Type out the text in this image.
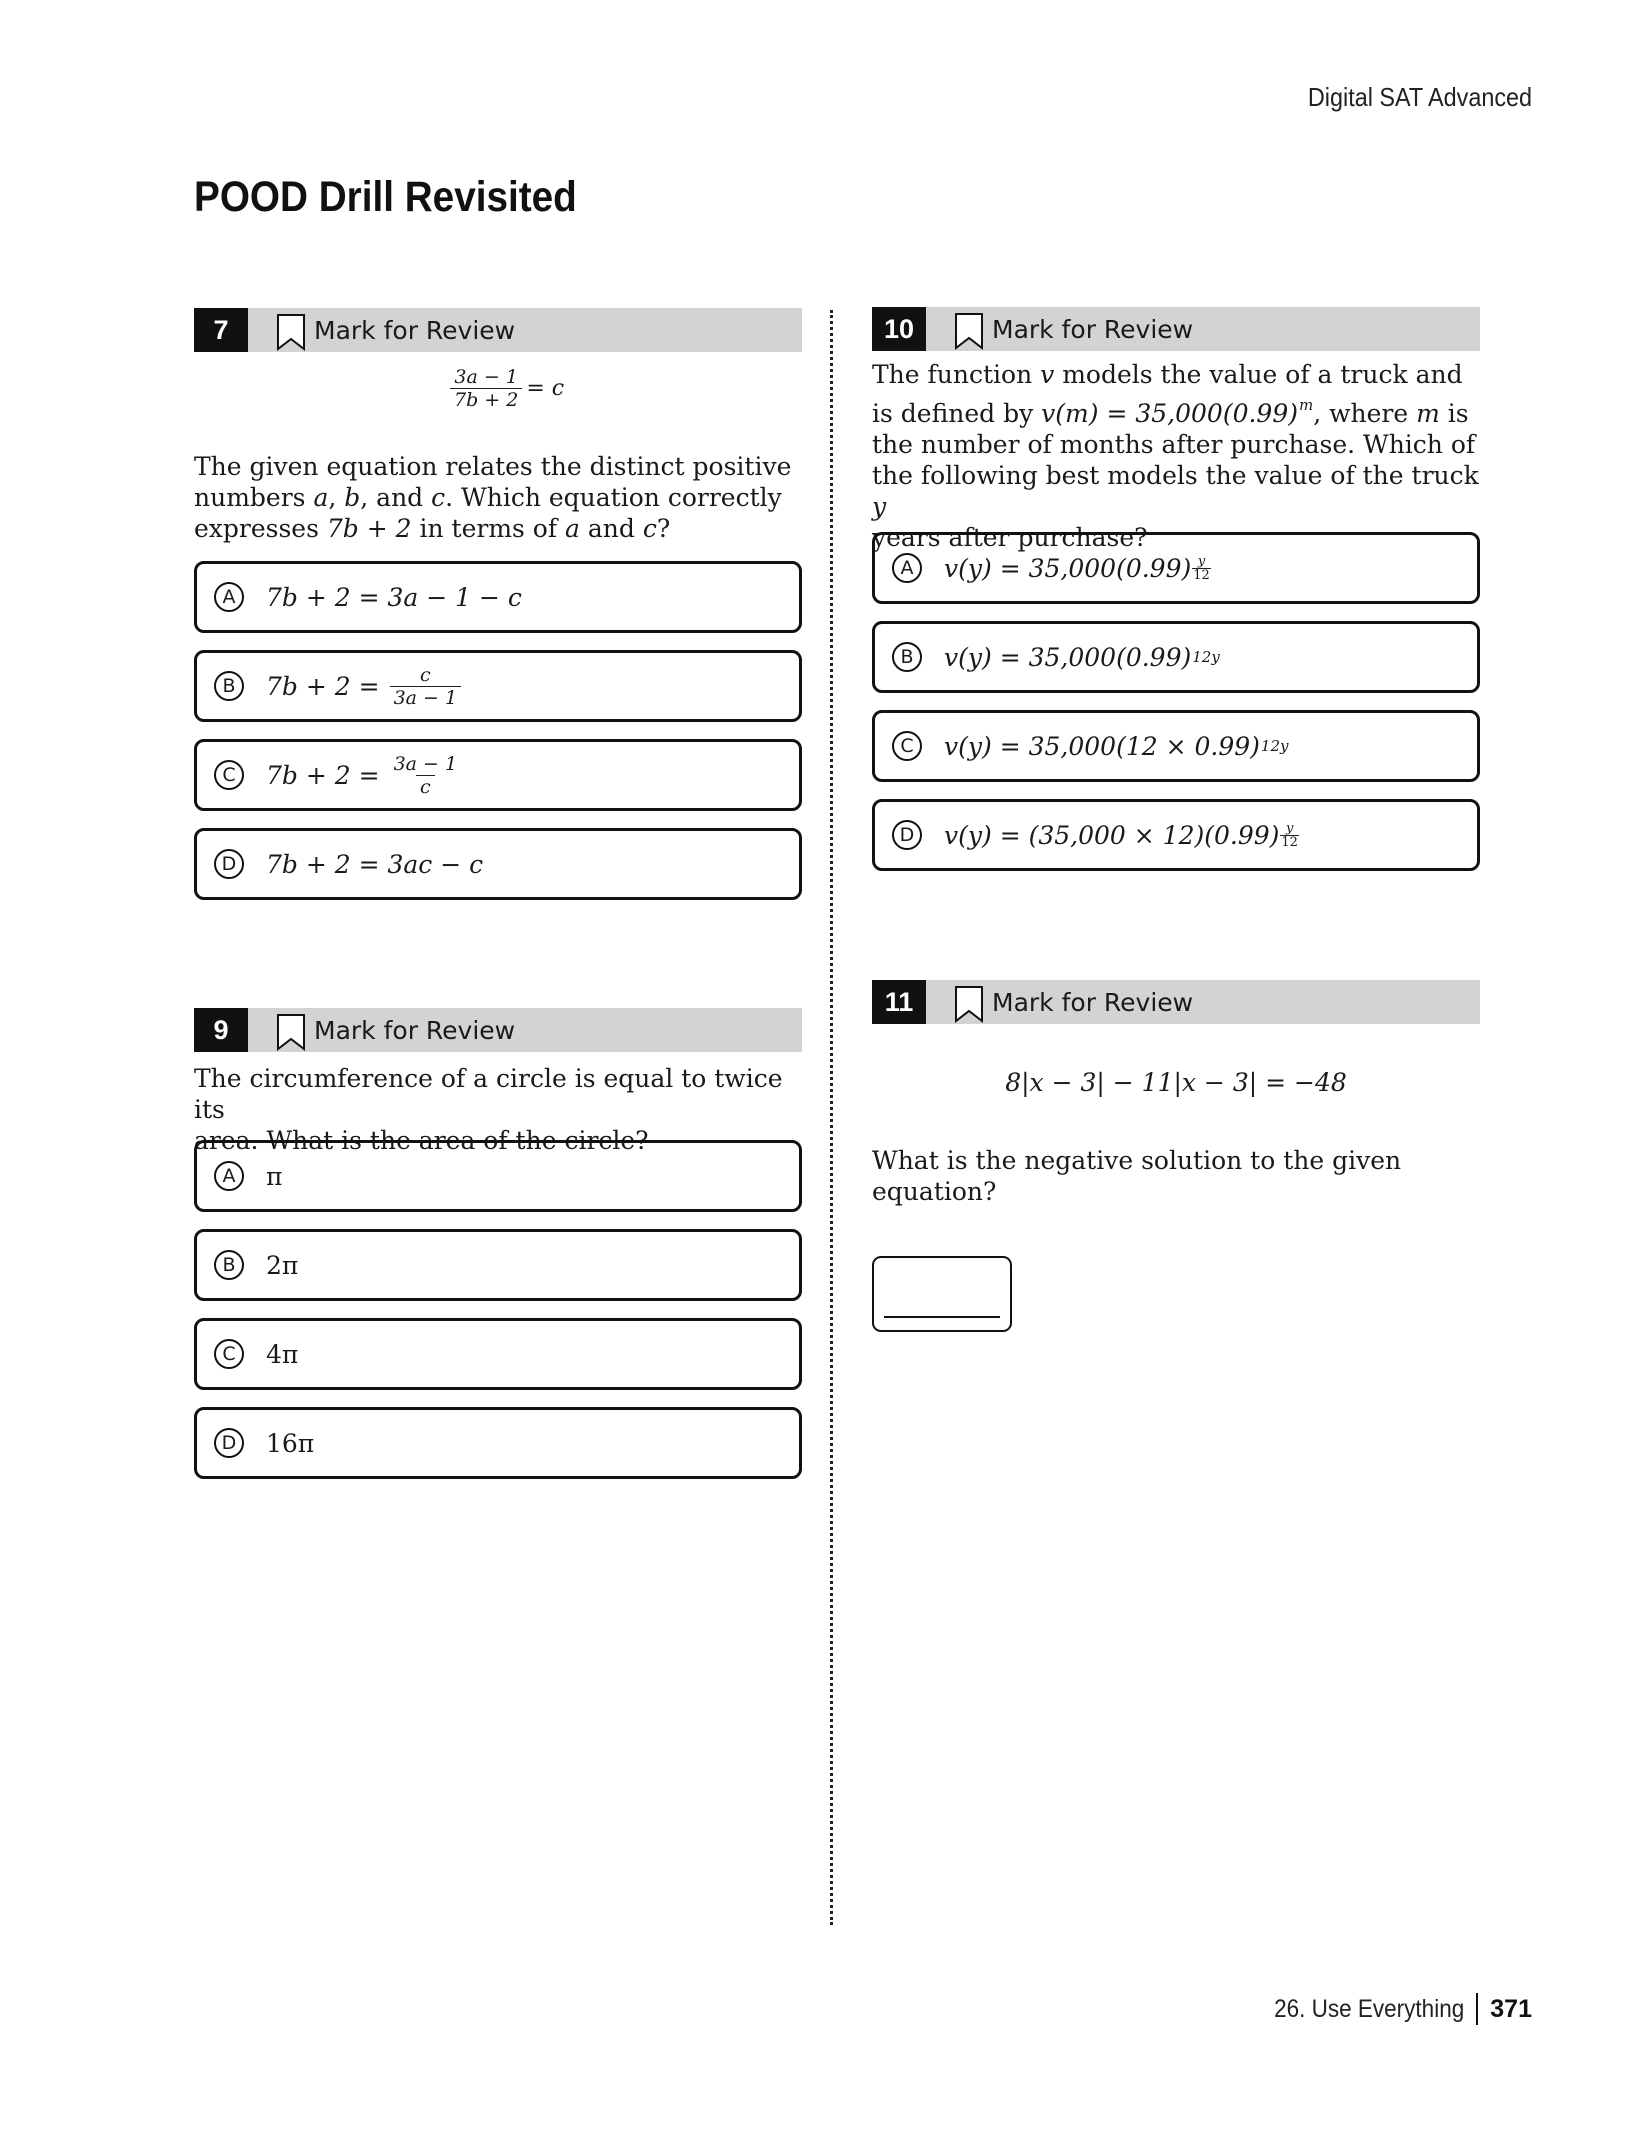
Digital SAT Advanced
POOD Drill Revisited
7	Mark for Review
$\frac{3a - 1}{7b + 2} = c$
The given equation relates the distinct positive
numbers a, b, and c. Which equation correctly
expresses 7b + 2 in terms of a and c?
A	7b + 2 = 3a − 1 − c
B	$7b + 2 = \frac{c}{3a - 1}$
C	$7b + 2 = \frac{3a - 1}{c}$
D	7b + 2 = 3ac − c
9	Mark for Review
The circumference of a circle is equal to twice its
area. What is the area of the circle?
A	π
B	2π
C	4π
D	16π
10	Mark for Review
The function v models the value of a truck and
is defined by $v(m) = 35,000(0.99)^m$, where m is
the number of months after purchase. Which of
the following best models the value of the truck y
years after purchase?
A	$v(y) = 35,000(0.99) \frac{y}{12}$
B	v(y) = 35,000(0.99) 12y
C	v(y) = 35,000(12 × 0.99) 12y
D	$v(y) = (35,000 \times 12)(0.99) \frac{y}{12}$
11	Mark for Review
8|x − 3| − 11|x − 3| = −48
What is the negative solution to the given
equation?
26. Use Everything 371
